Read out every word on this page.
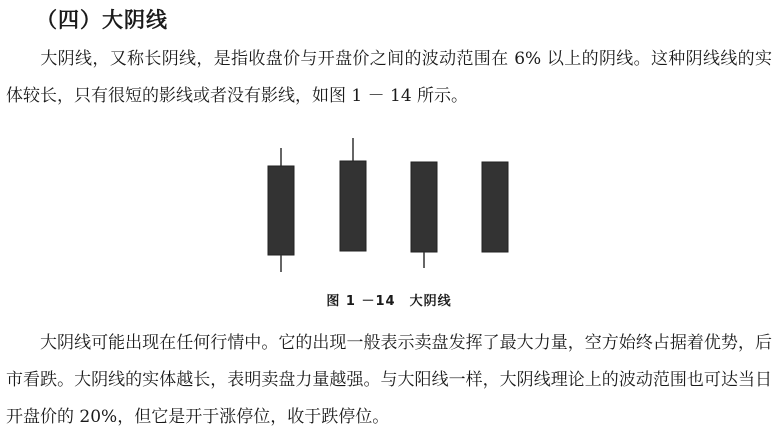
（四）大阴线

大阴线，又称长阴线，是指收盘价与开盘价之间的波动范围在 6% 以上的阴线。这种阴线线的实体较长，只有很短的影线或者没有影线，如图 1 － 14 所示。

图 1 －14　大阴线

大阴线可能出现在任何行情中。它的出现一般表示卖盘发挥了最大力量，空方始终占据着优势，后市看跌。大阴线的实体越长，表明卖盘力量越强。与大阳线一样，大阴线理论上的波动范围也可达当日开盘价的 20%，但它是开于涨停位，收于跌停位。
